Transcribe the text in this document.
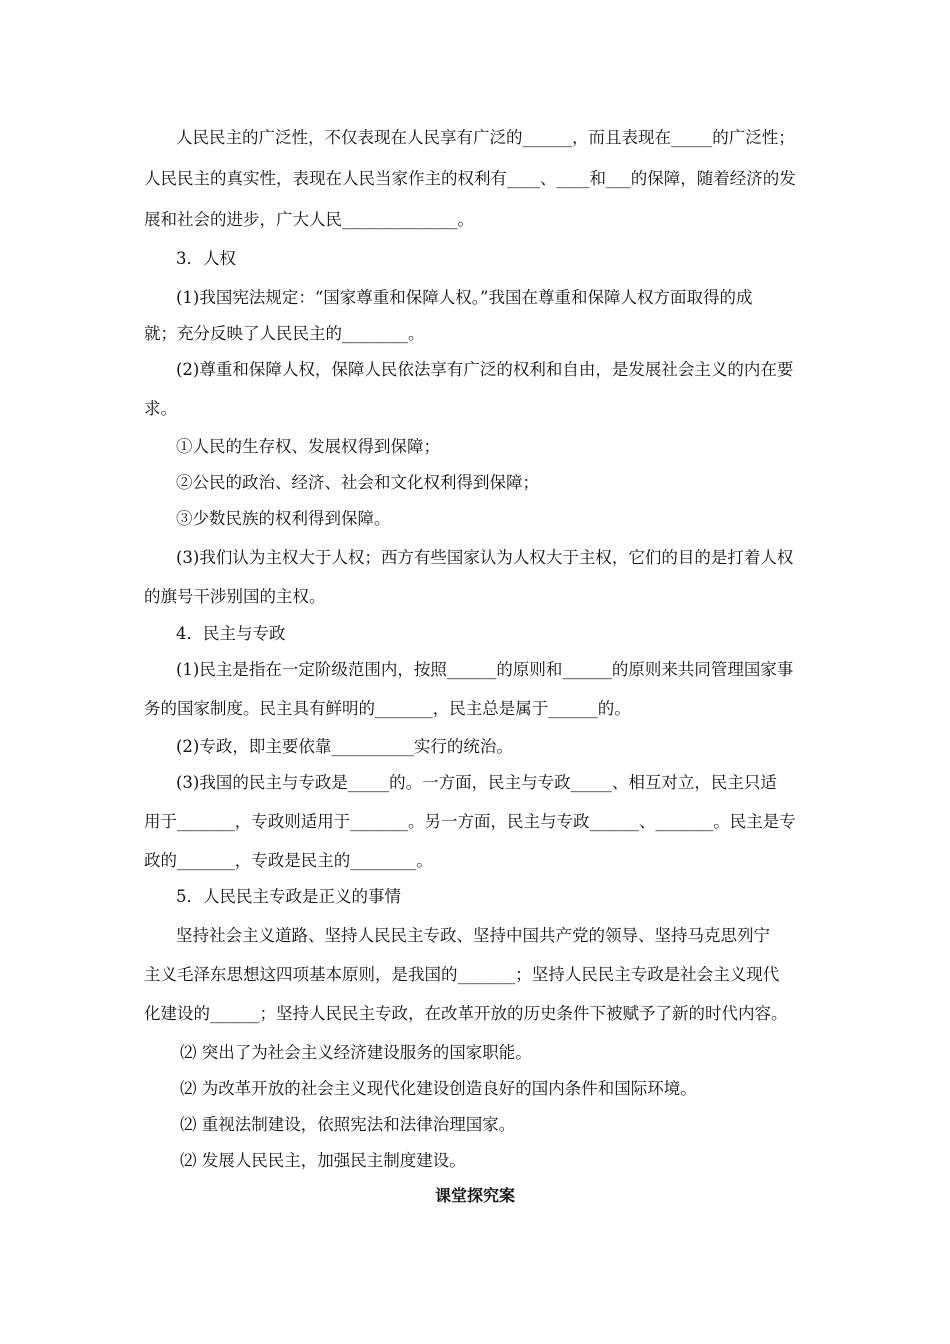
人民民主的广泛性，不仅表现在人民享有广泛的______，而且表现在_____的广泛性；
人民民主的真实性，表现在人民当家作主的权利有____、____和___的保障，随着经济的发
展和社会的进步，广大人民______________。
3．人权
(1)我国宪法规定：“国家尊重和保障人权。”我国在尊重和保障人权方面取得的成
就；充分反映了人民民主的________。
(2)尊重和保障人权，保障人民依法享有广泛的权利和自由，是发展社会主义的内在要
求。
①人民的生存权、发展权得到保障；
②公民的政治、经济、社会和文化权利得到保障；
③少数民族的权利得到保障。
(3)我们认为主权大于人权；西方有些国家认为人权大于主权，它们的目的是打着人权
的旗号干涉别国的主权。
4．民主与专政
(1)民主是指在一定阶级范围内，按照______的原则和______的原则来共同管理国家事
务的国家制度。民主具有鲜明的_______，民主总是属于______的。
(2)专政，即主要依靠__________实行的统治。
(3)我国的民主与专政是_____的。一方面，民主与专政_____、相互对立，民主只适
用于_______，专政则适用于_______。另一方面，民主与专政______、_______。民主是专
政的_______，专政是民主的________。
5．人民民主专政是正义的事情
坚持社会主义道路、坚持人民民主专政、坚持中国共产党的领导、坚持马克思列宁
主义毛泽东思想这四项基本原则，是我国的_______；坚持人民民主专政是社会主义现代
化建设的______；坚持人民民主专政，在改革开放的历史条件下被赋予了新的时代内容。
⑵ 突出了为社会主义经济建设服务的国家职能。
⑵ 为改革开放的社会主义现代化建设创造良好的国内条件和国际环境。
⑵ 重视法制建设，依照宪法和法律治理国家。
⑵ 发展人民民主，加强民主制度建设。
课堂探究案
